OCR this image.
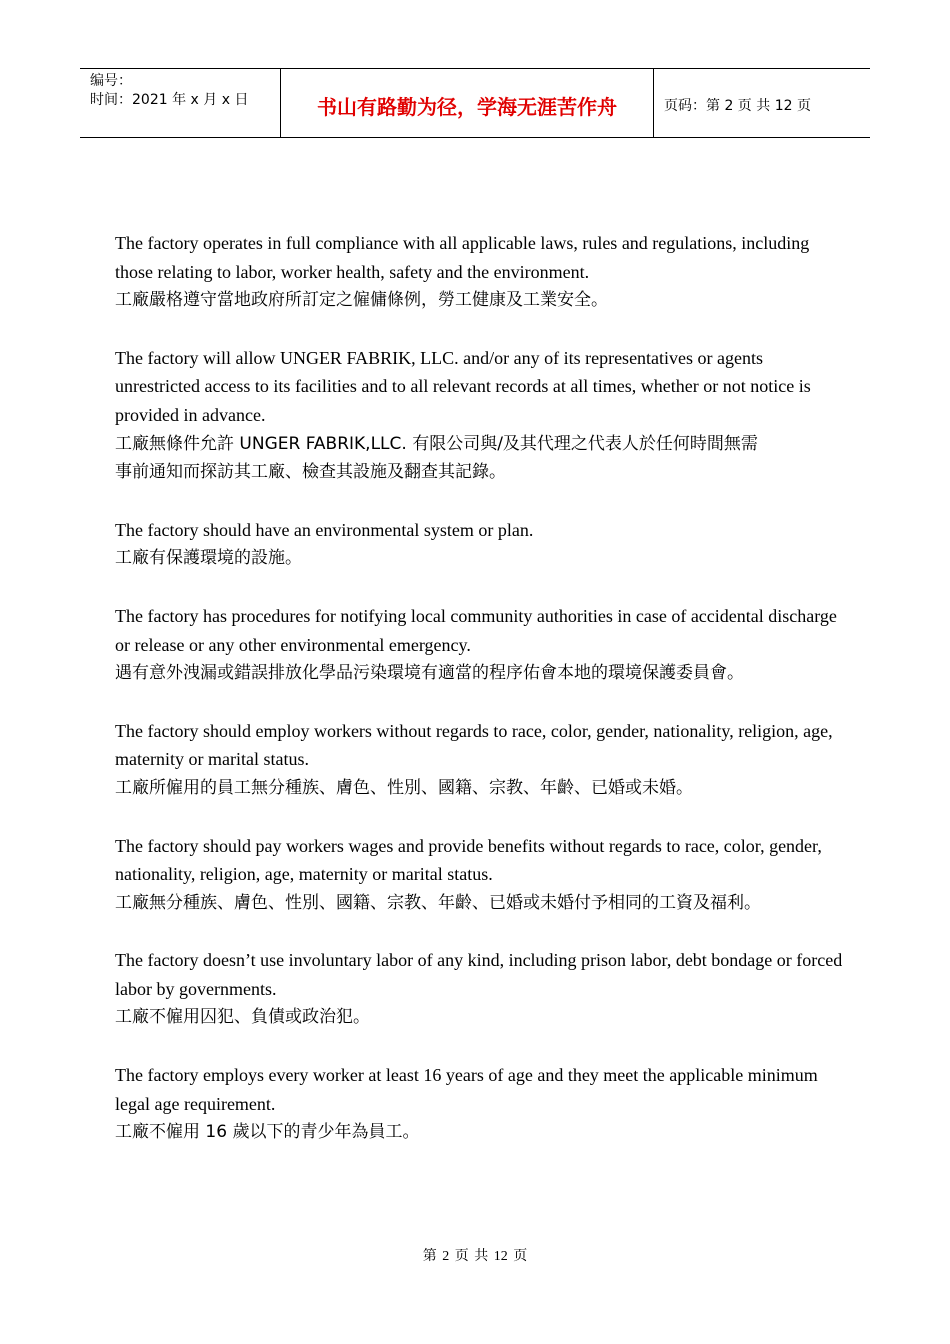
编号：
时间：2021 年 x 月 x 日	书山有路勤为径，学海无涯苦作舟	页码：第 2 页 共 12 页

The factory operates in full compliance with all applicable laws, rules and regulations, including those relating to labor, worker health, safety and the environment.

工廠嚴格遵守當地政府所訂定之僱傭條例，勞工健康及工業安全。

The factory will allow UNGER FABRIK, LLC. and/or any of its representatives or agents unrestricted access to its facilities and to all relevant records at all times, whether or not notice is provided in advance.

工廠無條件允許 UNGER FABRIK,LLC. 有限公司與/及其代理之代表人於任何時間無需

事前通知而探訪其工廠、檢查其設施及翻查其記錄。

The factory should have an environmental system or plan.

工廠有保護環境的設施。

The factory has procedures for notifying local community authorities in case of accidental discharge or release or any other environmental emergency.

遇有意外洩漏或錯誤排放化學品污染環境有適當的程序佑會本地的環境保護委員會。

The factory should employ workers without regards to race, color, gender, nationality, religion, age, maternity or marital status.

工廠所僱用的員工無分種族、膚色、性別、國籍、宗教、年齡、已婚或未婚。

The factory should pay workers wages and provide benefits without regards to race, color, gender, nationality, religion, age, maternity or marital status.

工廠無分種族、膚色、性別、國籍、宗教、年齡、已婚或未婚付予相同的工資及福利。

The factory doesn’t use involuntary labor of any kind, including prison labor, debt bondage or forced labor by governments.

工廠不僱用囚犯、負債或政治犯。

The factory employs every worker at least 16 years of age and they meet the applicable minimum legal age requirement.

工廠不僱用 16 歲以下的青少年為員工。

第 2 页 共 12 页
